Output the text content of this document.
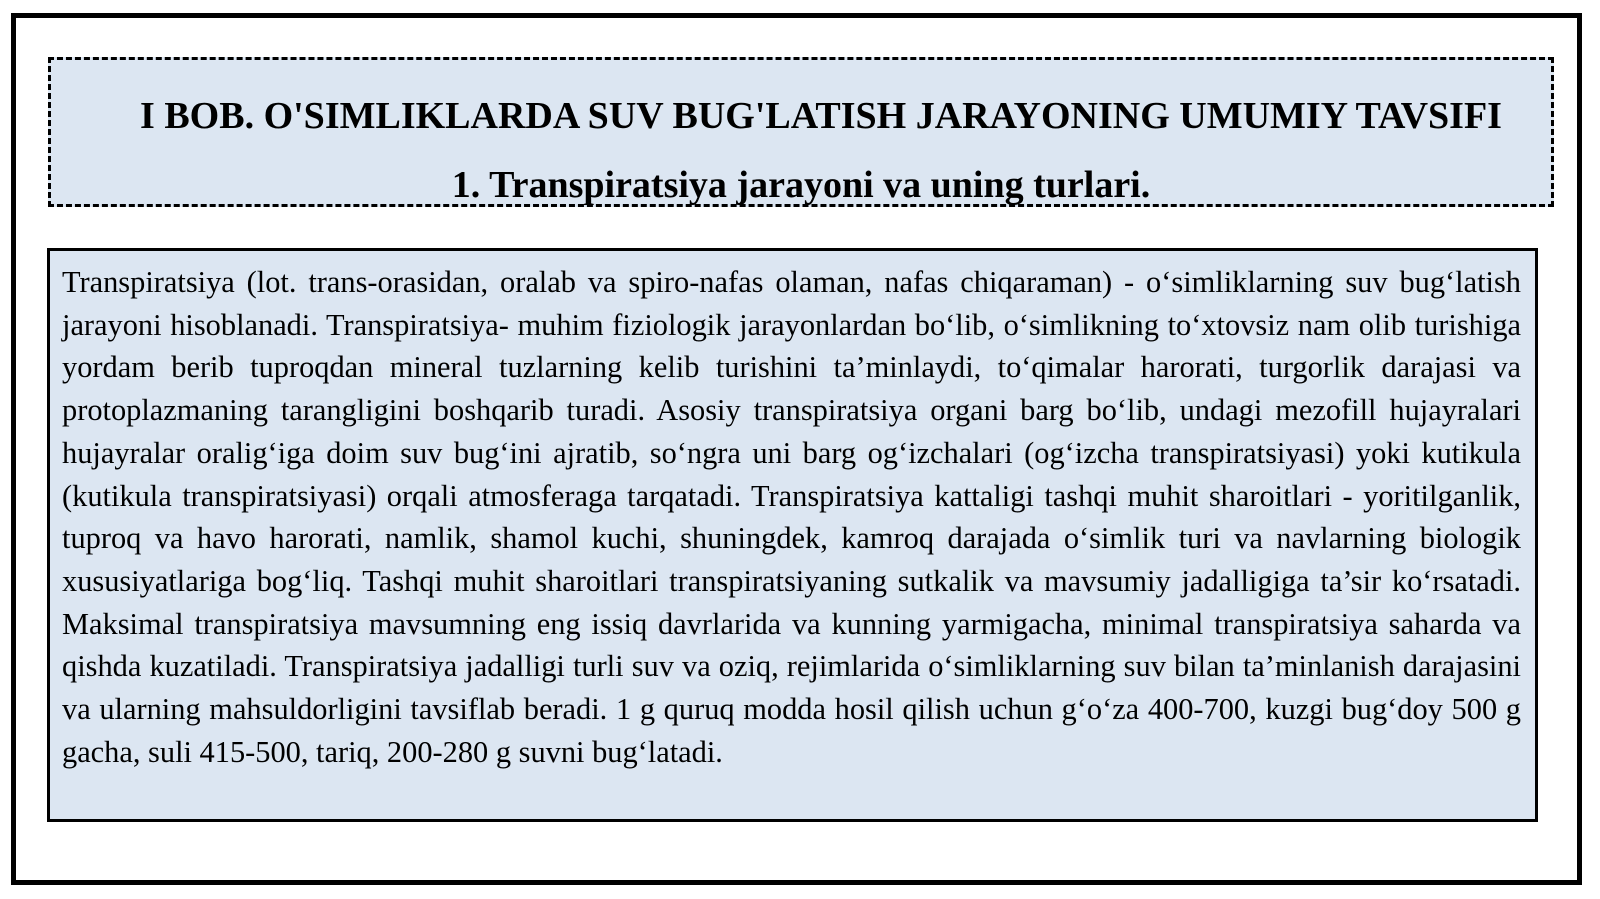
I BOB. O'SIMLIKLARDA SUV BUG'LATISH JARAYONING UMUMIY TAVSIFI
1. Transpiratsiya jarayoni va uning turlari.

Transpiratsiya (lot. trans-orasidan, oralab va spiro-nafas olaman, nafas chiqaraman) - o‘simliklarning suv bug‘latish jarayoni hisoblanadi. Transpiratsiya- muhim fiziologik jarayonlardan bo‘lib, o‘simlikning to‘xtovsiz nam olib turishiga yordam berib tuproqdan mineral tuzlarning kelib turishini ta’minlaydi, to‘qimalar harorati, turgorlik darajasi va protoplazmaning tarangligini boshqarib turadi. Asosiy transpiratsiya organi barg bo‘lib, undagi mezofill hujayralari hujayralar oralig‘iga doim suv bug‘ini ajratib, so‘ngra uni barg og‘izchalari (og‘izcha transpiratsiyasi) yoki kutikula (kutikula transpiratsiyasi) orqali atmosferaga tarqatadi. Transpiratsiya kattaligi tashqi muhit sharoitlari - yoritilganlik, tuproq va havo harorati, namlik, shamol kuchi, shuningdek, kamroq darajada o‘simlik turi va navlarning biologik xususiyatlariga bog‘liq. Tashqi muhit sharoitlari transpiratsiyaning sutkalik va mavsumiy jadalligiga ta’sir ko‘rsatadi. Maksimal transpiratsiya mavsumning eng issiq davrlarida va kunning yarmigacha, minimal transpiratsiya saharda va qishda kuzatiladi. Transpiratsiya jadalligi turli suv va oziq, rejimlarida o‘simliklarning suv bilan ta’minlanish darajasini va ularning mahsuldorligini tavsiflab beradi. 1 g quruq modda hosil qilish uchun g‘o‘za 400-700, kuzgi bug‘doy 500 g gacha, suli 415-500, tariq, 200-280 g suvni bug‘latadi.
